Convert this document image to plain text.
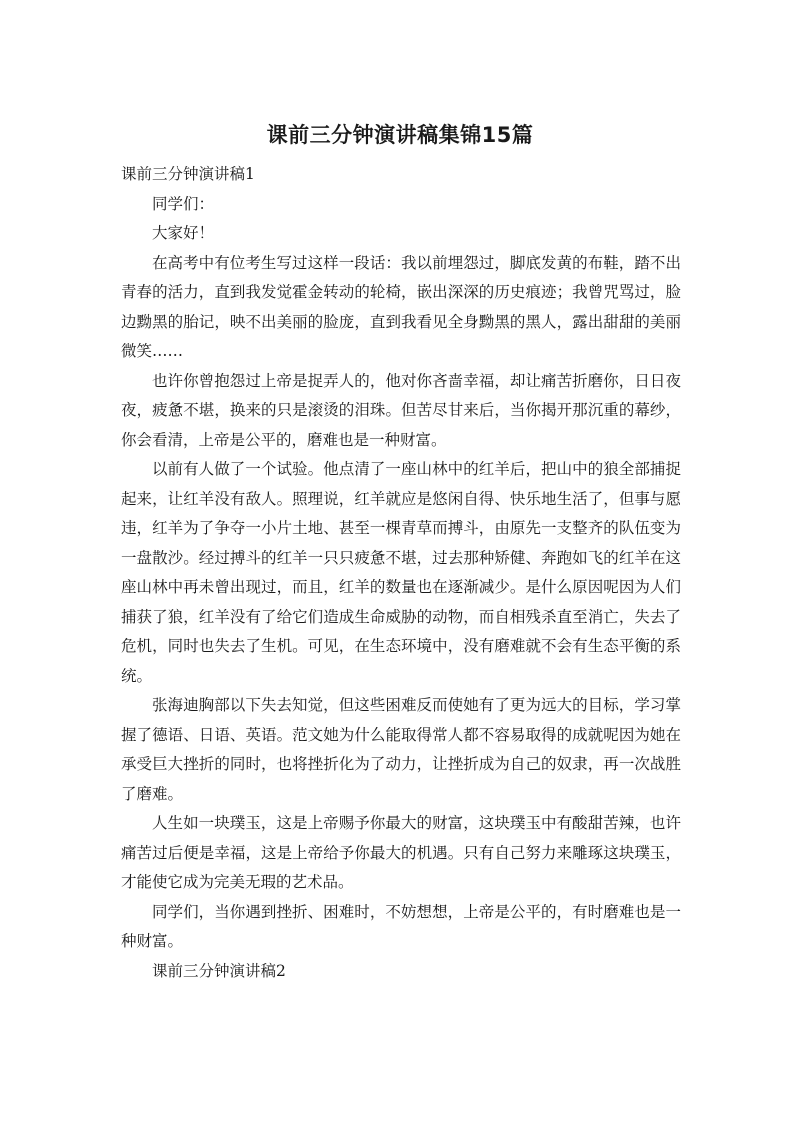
课前三分钟演讲稿集锦15篇

课前三分钟演讲稿1

同学们：

大家好！

在高考中有位考生写过这样一段话：我以前埋怨过，脚底发黄的布鞋，踏不出青春的活力，直到我发觉霍金转动的轮椅，嵌出深深的历史痕迹；我曾咒骂过，脸边黝黑的胎记，映不出美丽的脸庞，直到我看见全身黝黑的黑人，露出甜甜的美丽微笑……

也许你曾抱怨过上帝是捉弄人的，他对你吝啬幸福，却让痛苦折磨你，日日夜夜，疲惫不堪，换来的只是滚烫的泪珠。但苦尽甘来后，当你揭开那沉重的幕纱，你会看清，上帝是公平的，磨难也是一种财富。

以前有人做了一个试验。他点清了一座山林中的红羊后，把山中的狼全部捕捉起来，让红羊没有敌人。照理说，红羊就应是悠闲自得、快乐地生活了，但事与愿违，红羊为了争夺一小片土地、甚至一棵青草而搏斗，由原先一支整齐的队伍变为一盘散沙。经过搏斗的红羊一只只疲惫不堪，过去那种矫健、奔跑如飞的红羊在这座山林中再未曾出现过，而且，红羊的数量也在逐渐减少。是什么原因呢因为人们捕获了狼，红羊没有了给它们造成生命威胁的动物，而自相残杀直至消亡，失去了危机，同时也失去了生机。可见，在生态环境中，没有磨难就不会有生态平衡的系统。

张海迪胸部以下失去知觉，但这些困难反而使她有了更为远大的目标，学习掌握了德语、日语、英语。范文她为什么能取得常人都不容易取得的成就呢因为她在承受巨大挫折的同时，也将挫折化为了动力，让挫折成为自己的奴隶，再一次战胜了磨难。

人生如一块璞玉，这是上帝赐予你最大的财富，这块璞玉中有酸甜苦辣，也许痛苦过后便是幸福，这是上帝给予你最大的机遇。只有自己努力来雕琢这块璞玉，才能使它成为完美无瑕的艺术品。

同学们，当你遇到挫折、困难时，不妨想想，上帝是公平的，有时磨难也是一种财富。

课前三分钟演讲稿2
